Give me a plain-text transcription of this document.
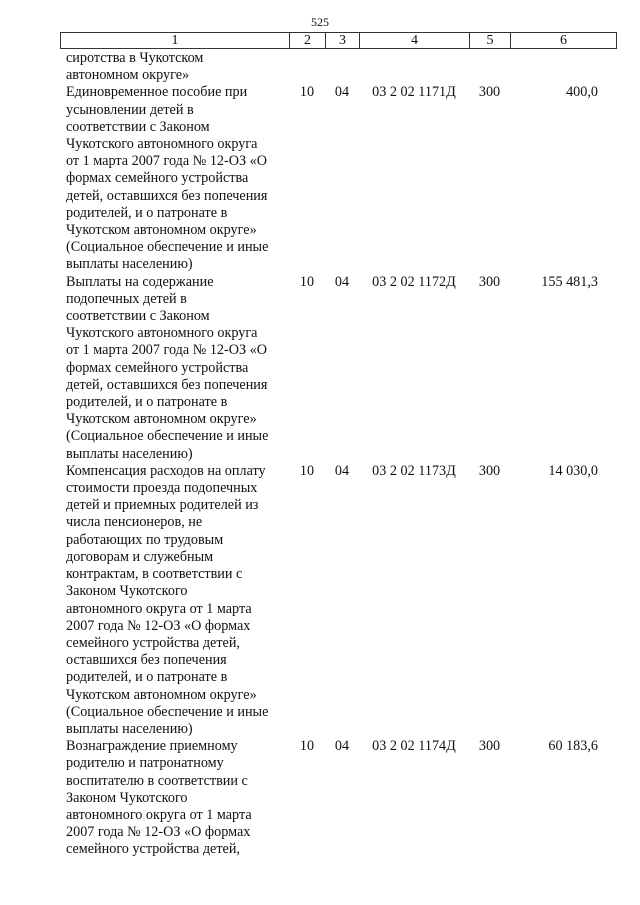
525
1	2	3	4	5	6
сиротства в Чукотском
автономном округе»
Единовременное пособие при
усыновлении детей в
соответствии с Законом
Чукотского автономного округа
от 1 марта 2007 года № 12-ОЗ «О
формах семейного устройства
детей, оставшихся без попечения
родителей, и о патронате в
Чукотском автономном округе»
(Социальное обеспечение и иные
выплаты населению)
10	04	03 2 02 1171Д	300	400,0
Выплаты на содержание
подопечных детей в
соответствии с Законом
Чукотского автономного округа
от 1 марта 2007 года № 12-ОЗ «О
формах семейного устройства
детей, оставшихся без попечения
родителей, и о патронате в
Чукотском автономном округе»
(Социальное обеспечение и иные
выплаты населению)
10	04	03 2 02 1172Д	300	155 481,3
Компенсация расходов на оплату
стоимости проезда подопечных
детей и приемных родителей из
числа пенсионеров, не
работающих по трудовым
договорам и служебным
контрактам, в соответствии с
Законом Чукотского
автономного округа от 1 марта
2007 года № 12-ОЗ «О формах
семейного устройства детей,
оставшихся без попечения
родителей, и о патронате в
Чукотском автономном округе»
(Социальное обеспечение и иные
выплаты населению)
10	04	03 2 02 1173Д	300	14 030,0
Вознаграждение приемному
родителю и патронатному
воспитателю в соответствии с
Законом Чукотского
автономного округа от 1 марта
2007 года № 12-ОЗ «О формах
семейного устройства детей,
10	04	03 2 02 1174Д	300	60 183,6
